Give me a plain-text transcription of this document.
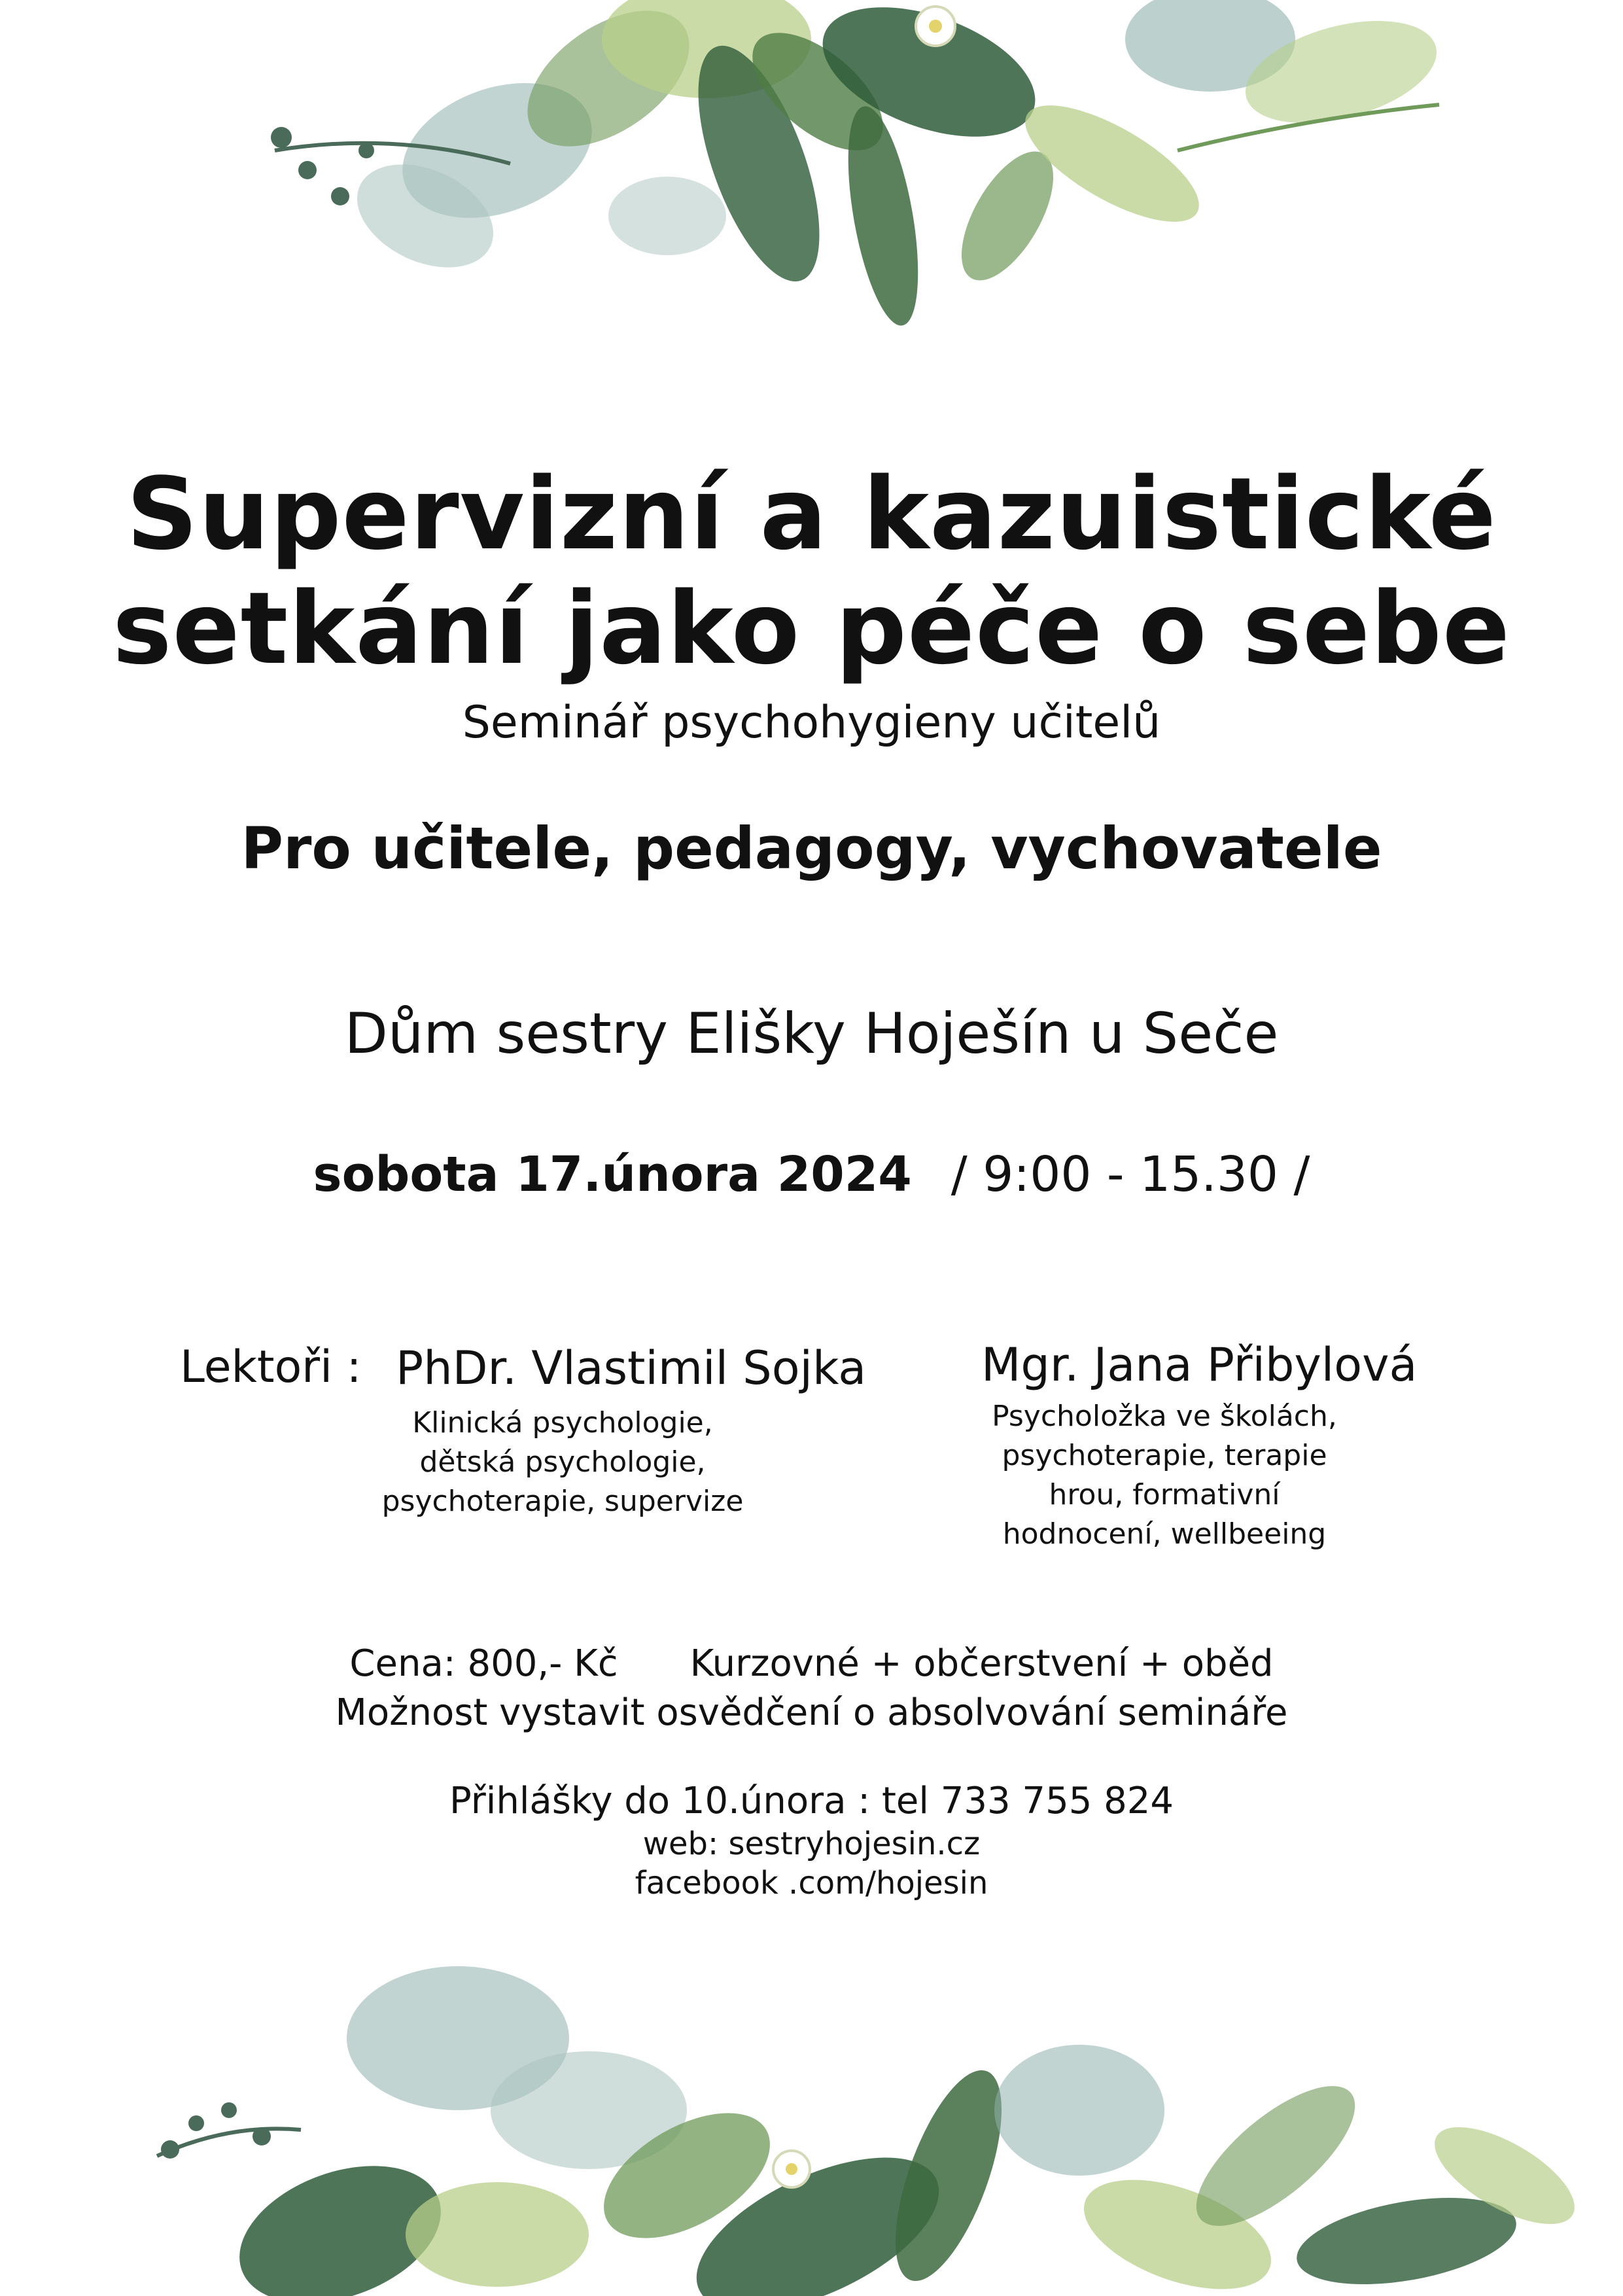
Supervizní a kazuistické
setkání jako péče o sebe
Seminář psychohygieny učitelů
Pro učitele, pedagogy, vychovatele
Dům sestry Elišky Hoješín u Seče
sobota 17.února 2024 / 9:00 - 15.30 /
Lektoři : PhDr. Vlastimil Sojka
Klinická psychologie,
dětská psychologie,
psychoterapie, supervize
Mgr. Jana Přibylová
Psycholožka ve školách,
psychoterapie, terapie
hrou, formativní
hodnocení, wellbeeing
Cena: 800,- Kč Kurzovné + občerstvení + oběd
Možnost vystavit osvědčení o absolvování semináře
Přihlášky do 10.února : tel 733 755 824
web: sestryhojesin.cz
facebook .com/hojesin
